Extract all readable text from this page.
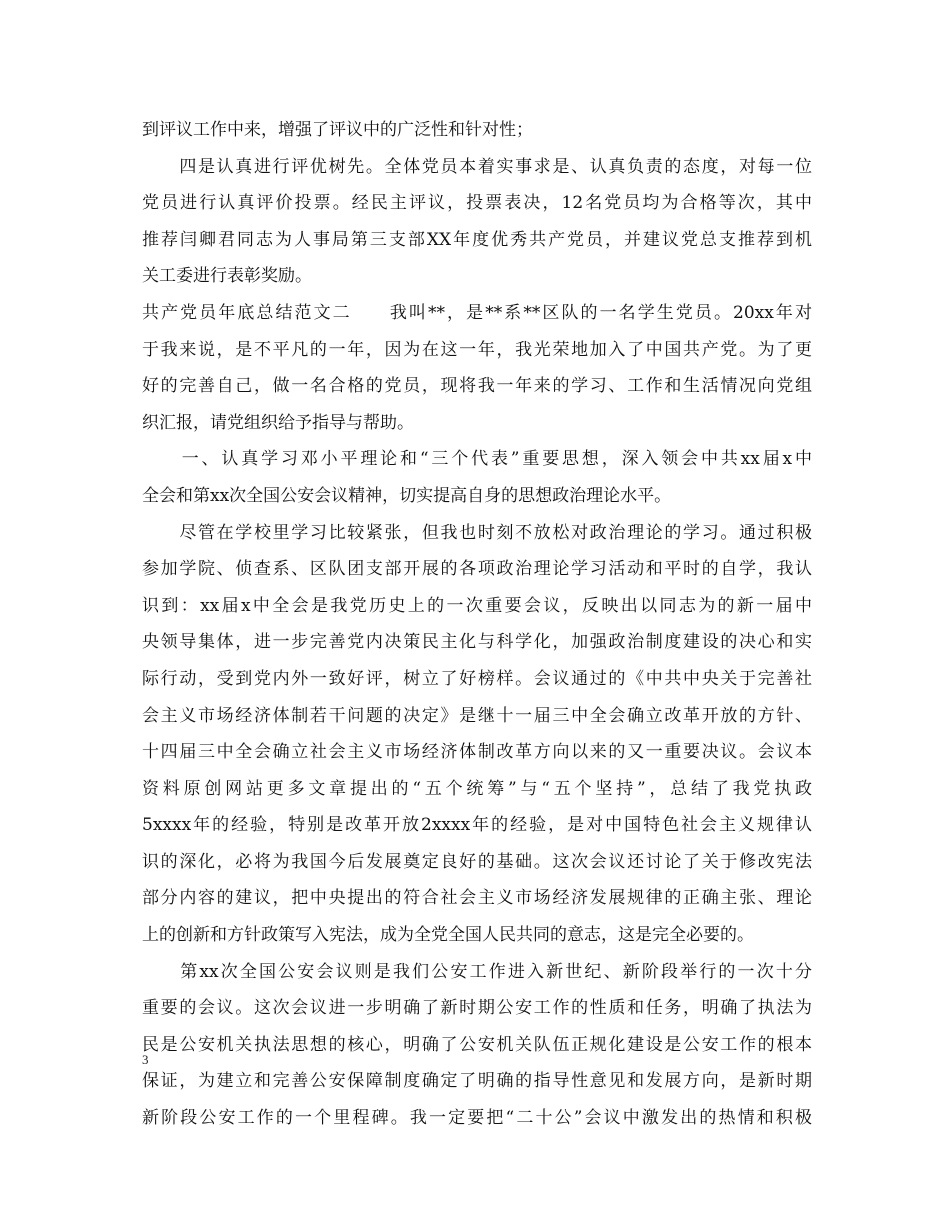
到评议工作中来，增强了评议中的广泛性和针对性；
　　四是认真进行评优树先。全体党员本着实事求是、认真负责的态度，对每一位
党员进行认真评价投票。经民主评议，投票表决，12名党员均为合格等次，其中
推荐闫卿君同志为人事局第三支部XX年度优秀共产党员，并建议党总支推荐到机
关工委进行表彰奖励。
共产党员年底总结范文二　　我叫**，是**系**区队的一名学生党员。20xx年对
于我来说，是不平凡的一年，因为在这一年，我光荣地加入了中国共产党。为了更
好的完善自己，做一名合格的党员，现将我一年来的学习、工作和生活情况向党组
织汇报，请党组织给予指导与帮助。
　　一、认真学习邓小平理论和“三个代表”重要思想，深入领会中共xx届x中
全会和第xx次全国公安会议精神，切实提高自身的思想政治理论水平。
　　尽管在学校里学习比较紧张，但我也时刻不放松对政治理论的学习。通过积极
参加学院、侦查系、区队团支部开展的各项政治理论学习活动和平时的自学，我认
识到：xx届x中全会是我党历史上的一次重要会议，反映出以同志为的新一届中
央领导集体，进一步完善党内决策民主化与科学化，加强政治制度建设的决心和实
际行动，受到党内外一致好评，树立了好榜样。会议通过的《中共中央关于完善社
会主义市场经济体制若干问题的决定》是继十一届三中全会确立改革开放的方针、
十四届三中全会确立社会主义市场经济体制改革方向以来的又一重要决议。会议本
资料原创网站更多文章提出的“五个统筹”与“五个坚持”，总结了我党执政
5xxxx年的经验，特别是改革开放2xxxx年的经验，是对中国特色社会主义规律认
识的深化，必将为我国今后发展奠定良好的基础。这次会议还讨论了关于修改宪法
部分内容的建议，把中央提出的符合社会主义市场经济发展规律的正确主张、理论
上的创新和方针政策写入宪法，成为全党全国人民共同的意志，这是完全必要的。
　　第xx次全国公安会议则是我们公安工作进入新世纪、新阶段举行的一次十分
重要的会议。这次会议进一步明确了新时期公安工作的性质和任务，明确了执法为
民是公安机关执法思想的核心，明确了公安机关队伍正规化建设是公安工作的根本
保证，为建立和完善公安保障制度确定了明确的指导性意见和发展方向，是新时期
新阶段公安工作的一个里程碑。我一定要把“二十公”会议中激发出的热情和积极
3
